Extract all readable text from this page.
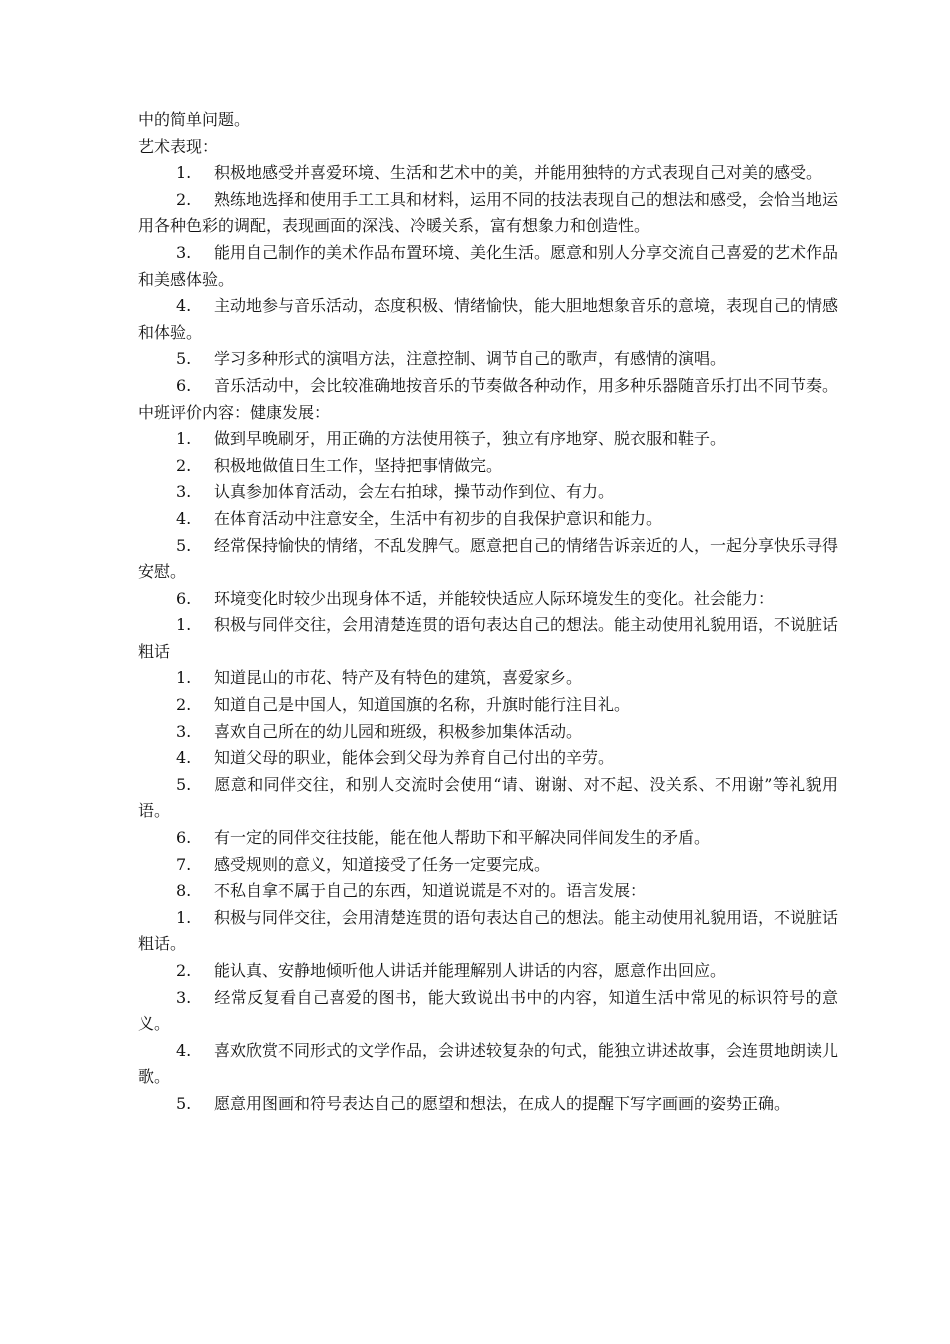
中的简单问题。

艺术表现：

1. 积极地感受并喜爱环境、生活和艺术中的美，并能用独特的方式表现自己对美的感受。

2. 熟练地选择和使用手工工具和材料，运用不同的技法表现自己的想法和感受，会恰当地运用各种色彩的调配，表现画面的深浅、冷暖关系，富有想象力和创造性。

3. 能用自己制作的美术作品布置环境、美化生活。愿意和别人分享交流自己喜爱的艺术作品和美感体验。

4. 主动地参与音乐活动，态度积极、情绪愉快，能大胆地想象音乐的意境，表现自己的情感和体验。

5. 学习多种形式的演唱方法，注意控制、调节自己的歌声，有感情的演唱。

6. 音乐活动中，会比较准确地按音乐的节奏做各种动作，用多种乐器随音乐打出不同节奏。

中班评价内容：健康发展：

1. 做到早晚刷牙，用正确的方法使用筷子，独立有序地穿、脱衣服和鞋子。

2. 积极地做值日生工作，坚持把事情做完。

3. 认真参加体育活动，会左右拍球，操节动作到位、有力。

4. 在体育活动中注意安全，生活中有初步的自我保护意识和能力。

5. 经常保持愉快的情绪，不乱发脾气。愿意把自己的情绪告诉亲近的人，一起分享快乐寻得安慰。

6. 环境变化时较少出现身体不适，并能较快适应人际环境发生的变化。社会能力：

1. 积极与同伴交往，会用清楚连贯的语句表达自己的想法。能主动使用礼貌用语，不说脏话粗话

1. 知道昆山的市花、特产及有特色的建筑，喜爱家乡。

2. 知道自己是中国人，知道国旗的名称，升旗时能行注目礼。

3. 喜欢自己所在的幼儿园和班级，积极参加集体活动。

4. 知道父母的职业，能体会到父母为养育自己付出的辛劳。

5. 愿意和同伴交往，和别人交流时会使用“请、谢谢、对不起、没关系、不用谢”等礼貌用语。

6. 有一定的同伴交往技能，能在他人帮助下和平解决同伴间发生的矛盾。

7. 感受规则的意义，知道接受了任务一定要完成。

8. 不私自拿不属于自己的东西，知道说谎是不对的。语言发展：

1. 积极与同伴交往，会用清楚连贯的语句表达自己的想法。能主动使用礼貌用语，不说脏话粗话。

2. 能认真、安静地倾听他人讲话并能理解别人讲话的内容，愿意作出回应。

3. 经常反复看自己喜爱的图书，能大致说出书中的内容，知道生活中常见的标识符号的意义。

4. 喜欢欣赏不同形式的文学作品，会讲述较复杂的句式，能独立讲述故事，会连贯地朗读儿歌。

5. 愿意用图画和符号表达自己的愿望和想法，在成人的提醒下写字画画的姿势正确。
